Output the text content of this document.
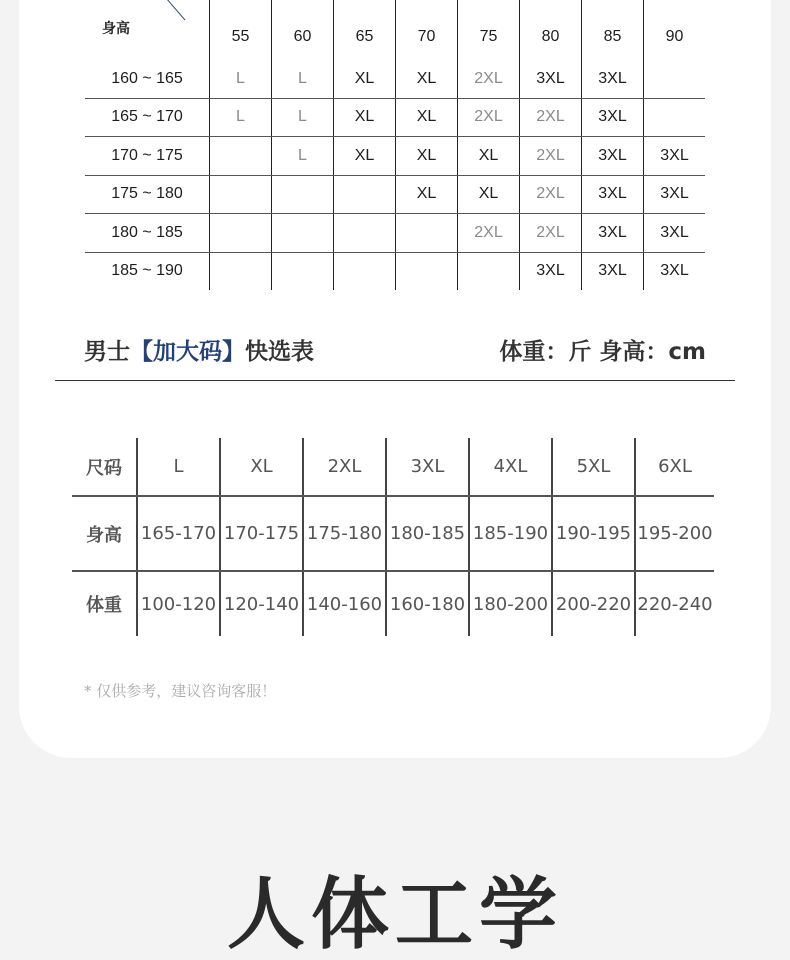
身高	55	60	65	70	75	80	85	90
160 ~ 165	L	L	XL	XL	2XL	3XL	3XL	
165 ~ 170	L	L	XL	XL	2XL	2XL	3XL	
170 ~ 175		L	XL	XL	XL	2XL	3XL	3XL
175 ~ 180				XL	XL	2XL	3XL	3XL
180 ~ 185					2XL	2XL	3XL	3XL
185 ~ 190						3XL	3XL	3XL
男士【加大码】快选表	体重：斤 身高：cm
尺码	L	XL	2XL	3XL	4XL	5XL	6XL
身高	165-170	170-175	175-180	180-185	185-190	190-195	195-200
体重	100-120	120-140	140-160	160-180	180-200	200-220	220-240
* 仅供参考，建议咨询客服！
人体工学
